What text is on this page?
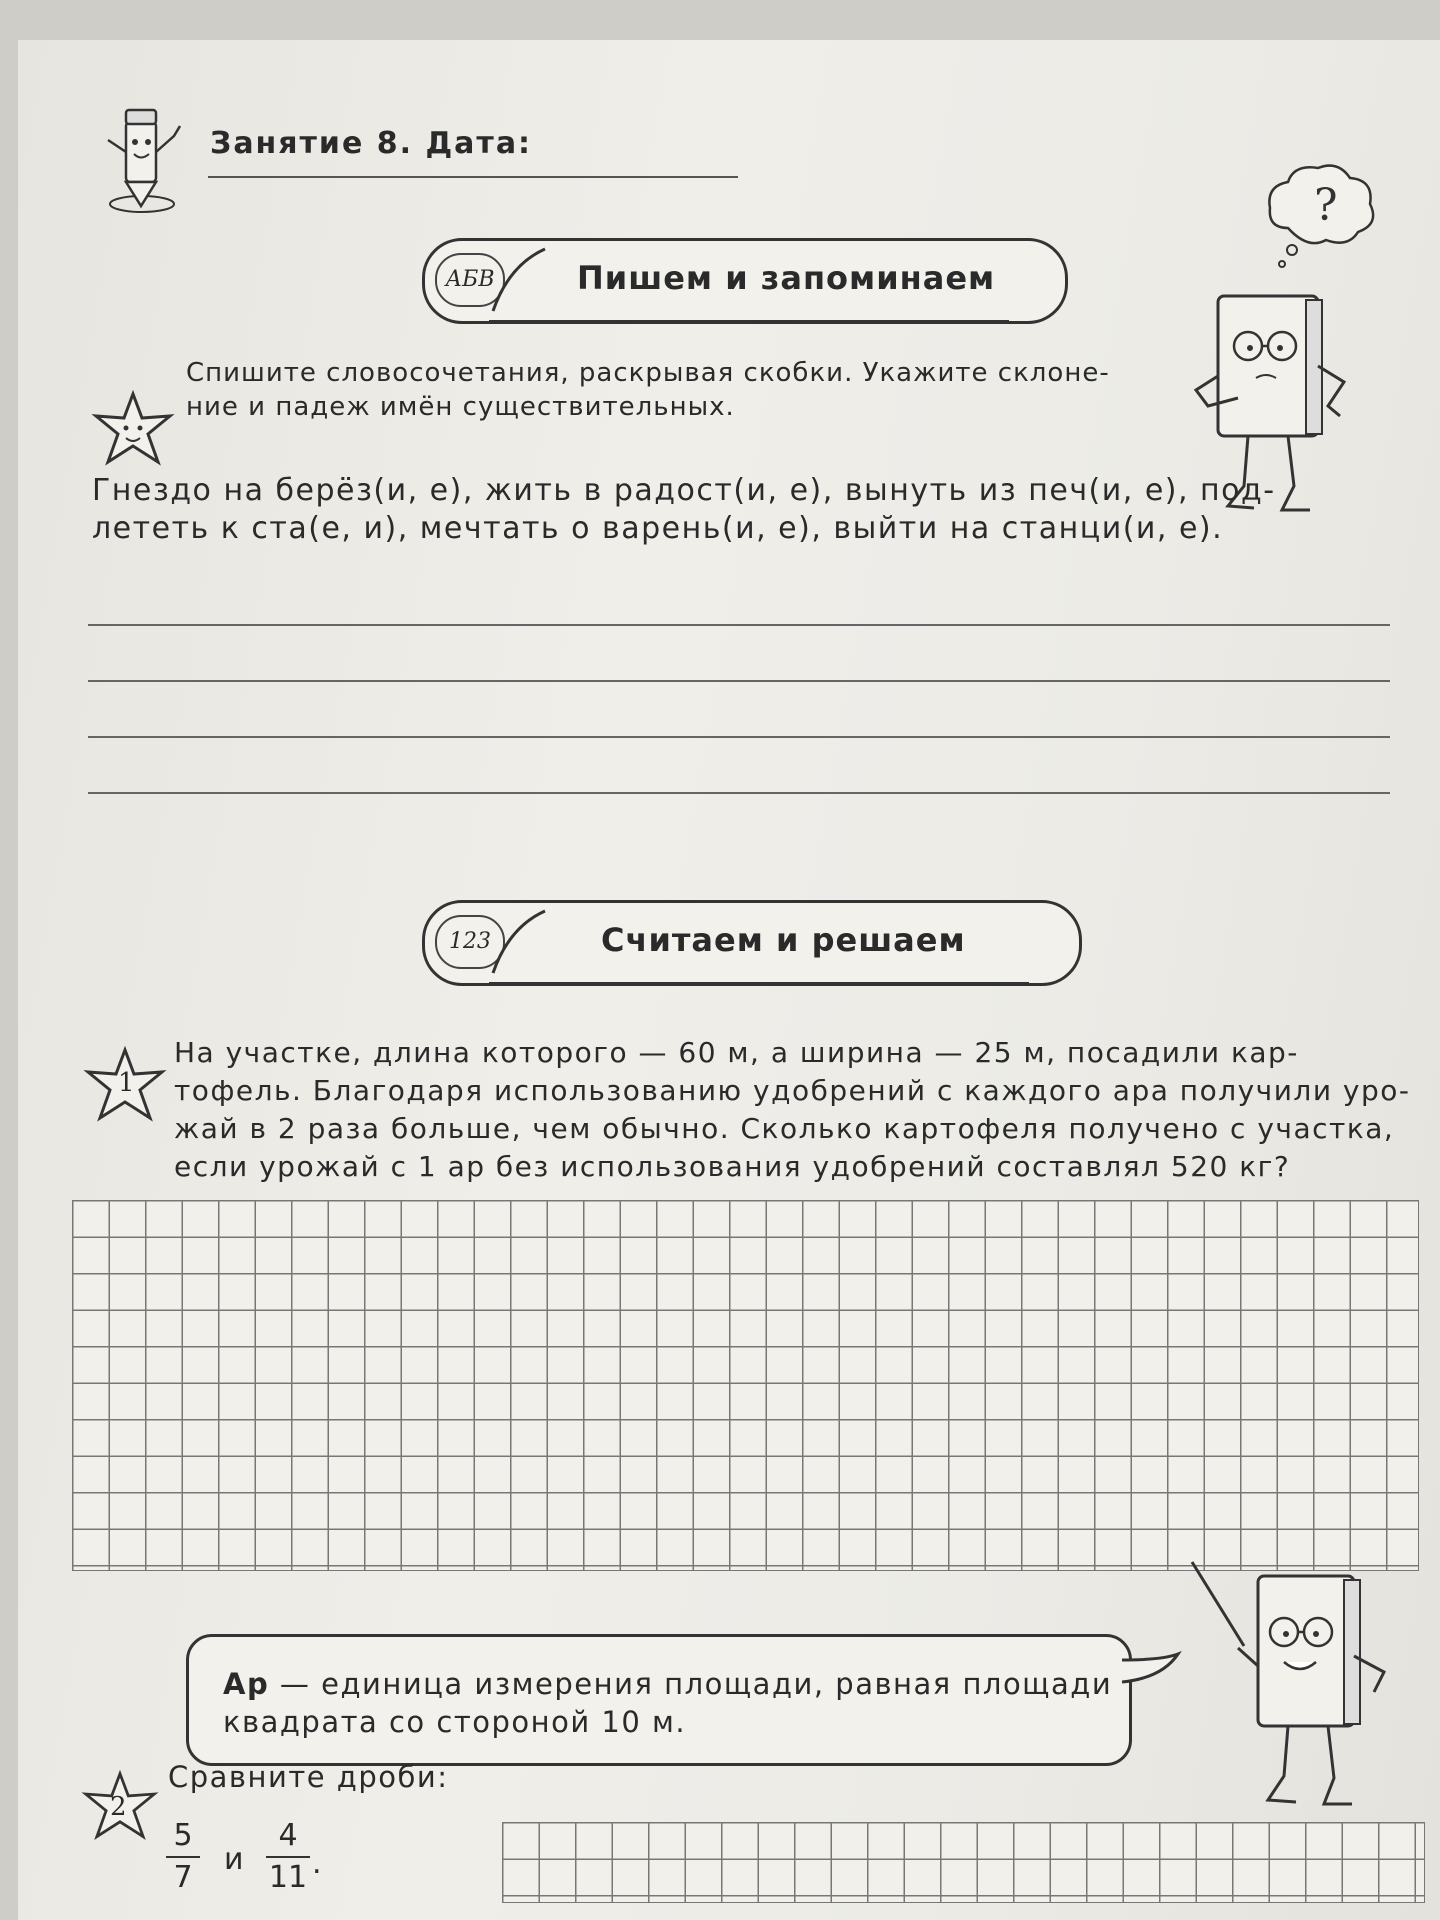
Занятие 8. Дата:
?
АБВ	Пишем и запоминаем
Спишите словосочетания, раскрывая скобки. Укажите склоне-
ние и падеж имён существительных.
Гнездо на берёз(и, е), жить в радост(и, е), вынуть из печ(и, е), под-
лететь к ста(е, и), мечтать о варень(и, е), выйти на станци(и, е).
123	Считаем и решаем
1
На участке, длина которого — 60 м, а ширина — 25 м, посадили кар-
тофель. Благодаря использованию удобрений с каждого ара получили уро-
жай в 2 раза больше, чем обычно. Сколько картофеля получено с участка,
если урожай с 1 ар без использования удобрений составлял 520 кг?
Ар — единица измерения площади, равная площади
квадрата со стороной 10 м.
2
Сравните дроби:
5
7
и
4
11 .
